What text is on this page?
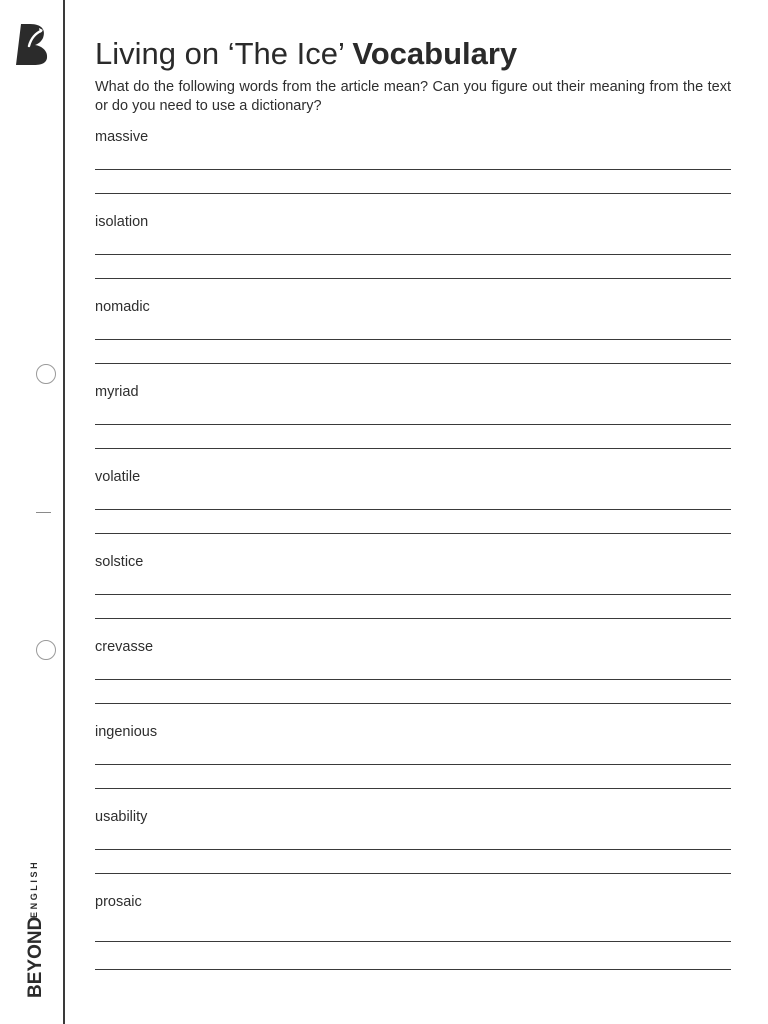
BEYOND
ENGLISH
Living on ‘The Ice’ Vocabulary

What do the following words from the article mean? Can you figure out their meaning from the text or do you need to use a dictionary?

massive
isolation
nomadic
myriad
volatile
solstice
crevasse
ingenious
usability
prosaic
